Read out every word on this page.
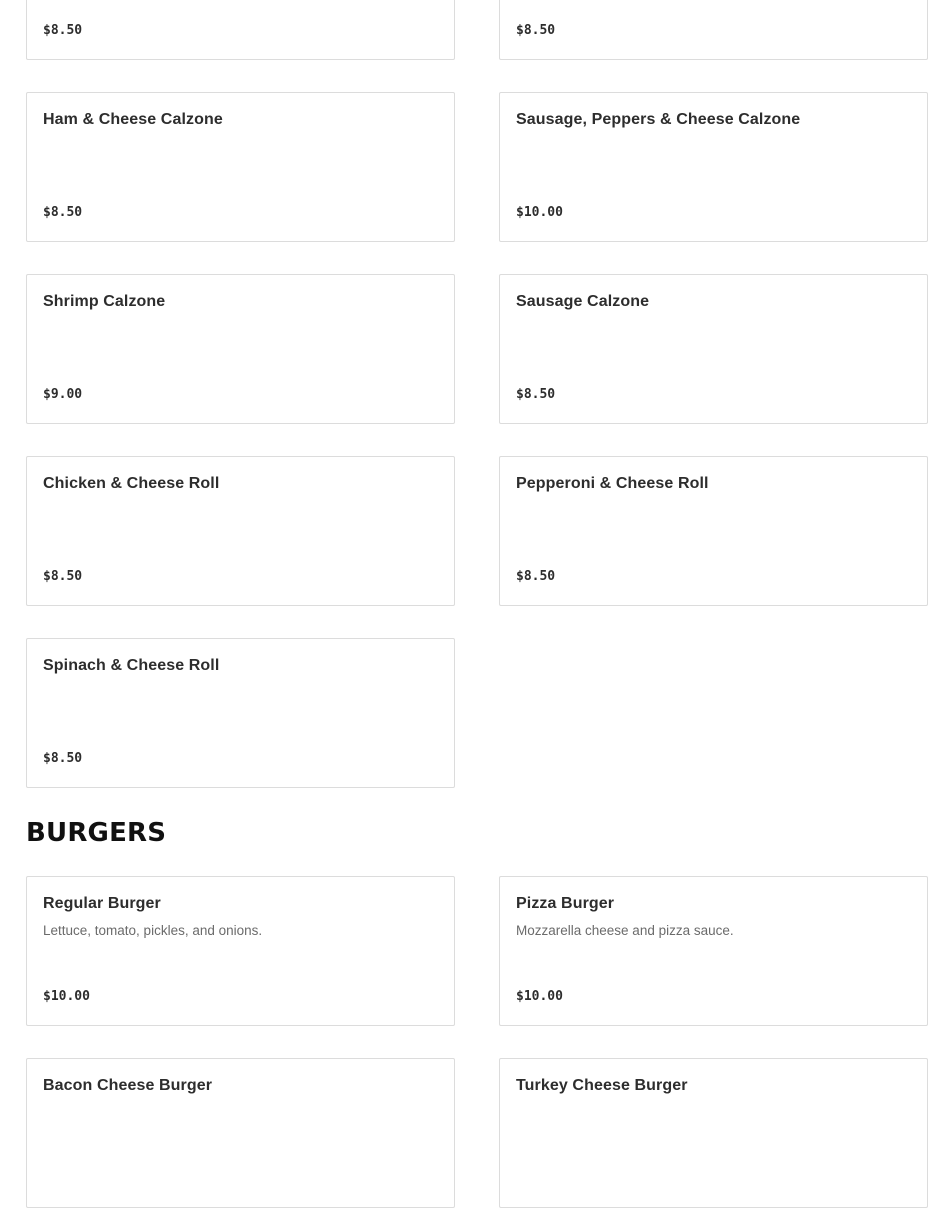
$8.50	$8.50
Ham & Cheese Calzone
$8.50
Sausage, Peppers & Cheese Calzone
$10.00
Shrimp Calzone
$9.00
Sausage Calzone
$8.50
Chicken & Cheese Roll
$8.50
Pepperoni & Cheese Roll
$8.50
Spinach & Cheese Roll
$8.50
BURGERS
Regular Burger
Lettuce, tomato, pickles, and onions.
$10.00
Pizza Burger
Mozzarella cheese and pizza sauce.
$10.00
Bacon Cheese Burger	Turkey Cheese Burger
